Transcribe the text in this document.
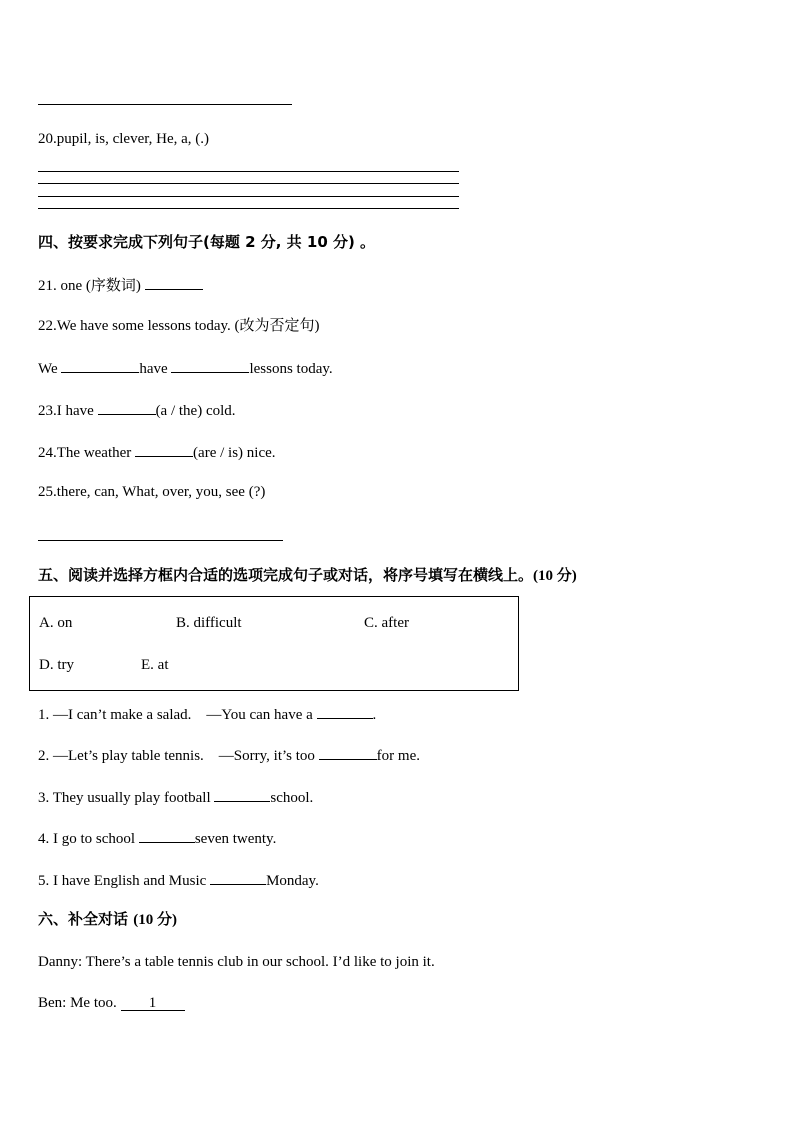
20.pupil, is, clever, He, a, (.)
四、按要求完成下列句子(每题 2 分, 共 10 分) 。
21. one (序数词)
22.We have some lessons today. (改为否定句)
We	have	lessons today.
23.I have	(a / the) cold.
24.The weather	(are / is) nice.
25.there, can, What, over, you, see (?)
五、阅读并选择方框内合适的选项完成句子或对话，将序号填写在横线上。(10 分)
A. on	B. difficult	C. after
D. try	E. at
1. —I can’t make a salad.　—You can have a	.
2. —Let’s play table tennis.　—Sorry, it’s too	for me.
3. They usually play football	school.
4. I go to school	seven twenty.
5. I have English and Music	Monday.
六、补全对话 (10 分)
Danny: There’s a table tennis club in our school. I’d like to join it.
Ben: Me too. 1
